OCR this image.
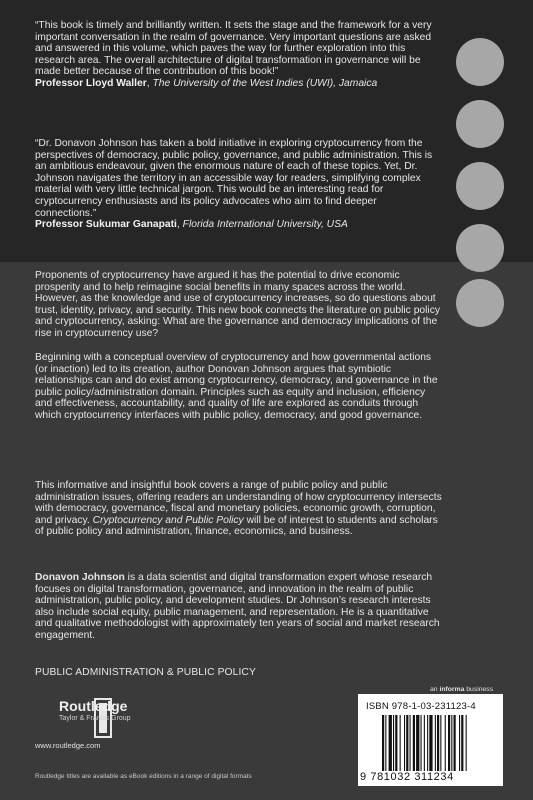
“This book is timely and brilliantly written. It sets the stage and the framework for a very important conversation in the realm of governance. Very important questions are asked and answered in this volume, which paves the way for further exploration into this research area. The overall architecture of digital transformation in governance will be made better because of the contribution of this book!”
Professor Lloyd Waller, The University of the West Indies (UWI), Jamaica
“Dr. Donavon Johnson has taken a bold initiative in exploring cryptocurrency from the perspectives of democracy, public policy, governance, and public administration. This is an ambitious endeavour, given the enormous nature of each of these topics. Yet, Dr. Johnson navigates the territory in an accessible way for readers, simplifying complex material with very little technical jargon. This would be an interesting read for cryptocurrency enthusiasts and its policy advocates who aim to find deeper connections.”
Professor Sukumar Ganapati, Florida International University, USA

Proponents of cryptocurrency have argued it has the potential to drive economic prosperity and to help reimagine social benefits in many spaces across the world. However, as the knowledge and use of cryptocurrency increases, so do questions about trust, identity, privacy, and security. This new book connects the literature on public policy and cryptocurrency, asking: What are the governance and democracy implications of the rise in cryptocurrency use?

Beginning with a conceptual overview of cryptocurrency and how governmental actions (or inaction) led to its creation, author Donovan Johnson argues that symbiotic relationships can and do exist among cryptocurrency, democracy, and governance in the public policy/administration domain. Principles such as equity and inclusion, efficiency and effectiveness, accountability, and quality of life are explored as conduits through which cryptocurrency interfaces with public policy, democracy, and good governance.

This informative and insightful book covers a range of public policy and public administration issues, offering readers an understanding of how cryptocurrency intersects with democracy, governance, fiscal and monetary policies, economic growth, corruption, and privacy. Cryptocurrency and Public Policy will be of interest to students and scholars of public policy and administration, finance, economics, and business.

Donavon Johnson is a data scientist and digital transformation expert whose research focuses on digital transformation, governance, and innovation in the realm of public administration, public policy, and development studies. Dr Johnson’s research interests also include social equity, public management, and representation. He is a quantitative and qualitative methodologist with approximately ten years of social and market research engagement.

PUBLIC ADMINISTRATION & PUBLIC POLICY
Routledge
Taylor & Francis Group
www.routledge.com
an informa business
ISBN 978-1-03-231123-4
9 781032 311234
Routledge titles are available as eBook editions in a range of digital formats
